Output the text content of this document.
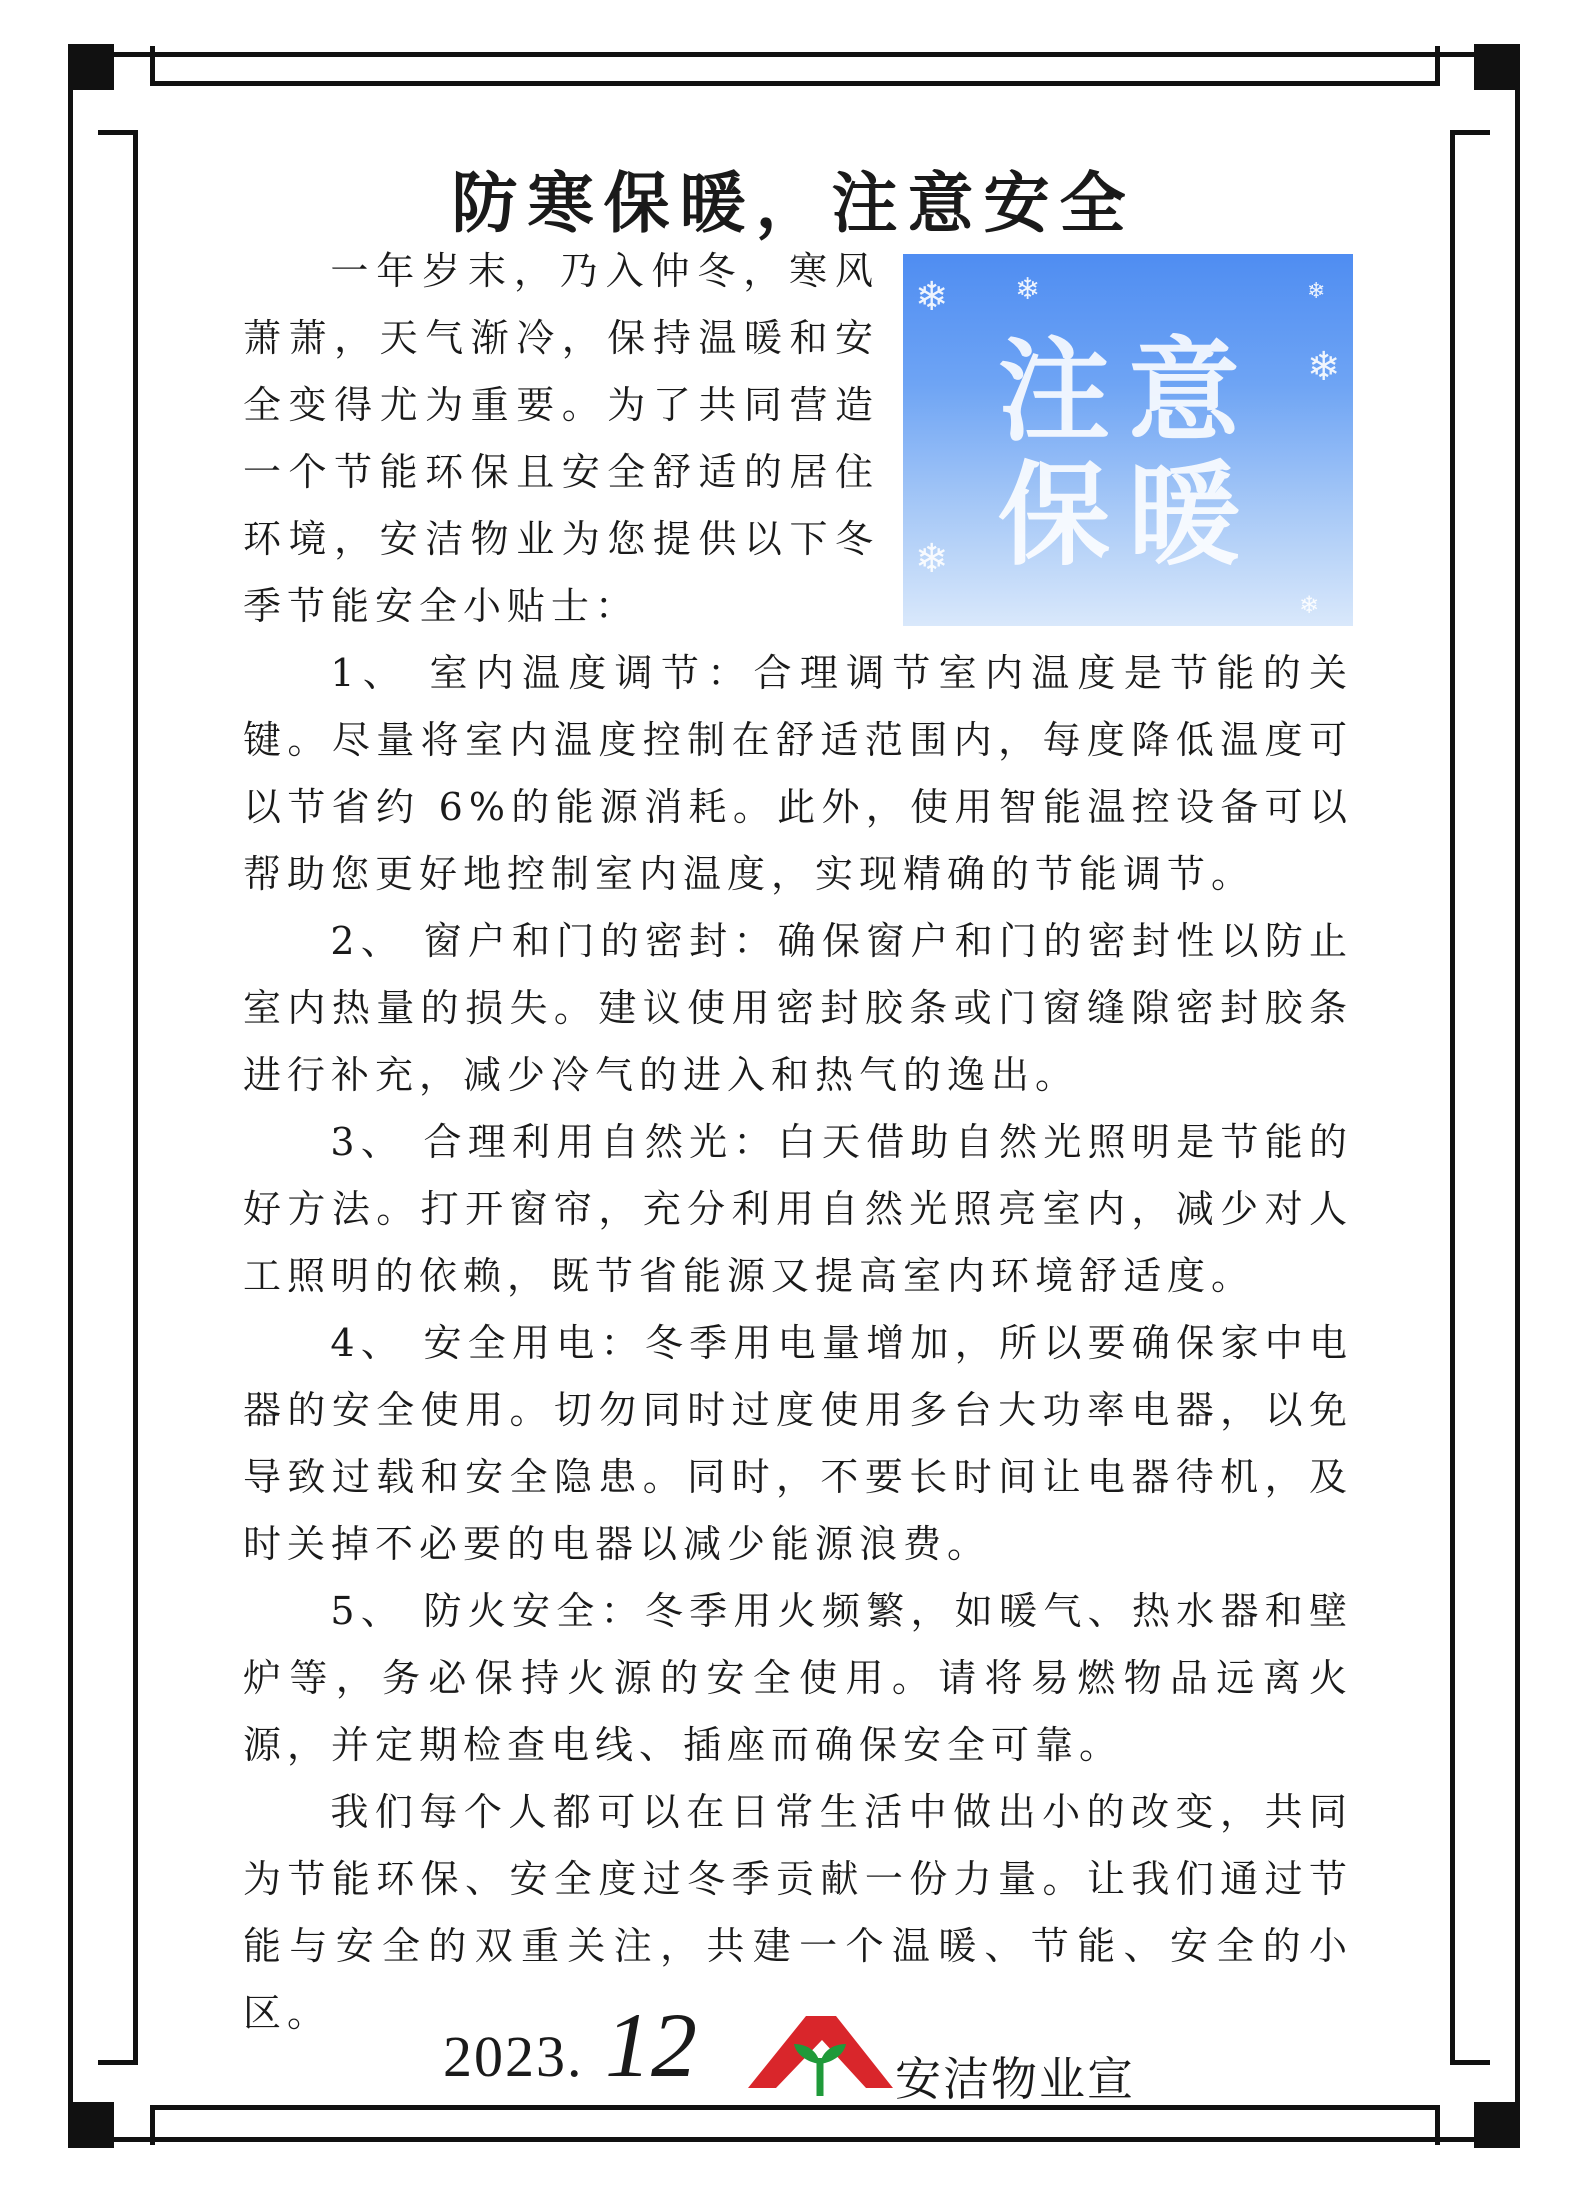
防寒保暖，注意安全
❄ ❄	❄
❄
❄
❄
注意
保暖

一年岁末，乃入仲冬，寒风萧萧，天气渐冷，保持温暖和安全变得尤为重要。为了共同营造一个节能环保且安全舒适的居住环境，安洁物业为您提供以下冬季节能安全小贴士：

1、 室内温度调节：合理调节室内温度是节能的关键。尽量将室内温度控制在舒适范围内，每度降低温度可以节省约 6%的能源消耗。此外，使用智能温控设备可以帮助您更好地控制室内温度，实现精确的节能调节。

2、 窗户和门的密封：确保窗户和门的密封性以防止室内热量的损失。建议使用密封胶条或门窗缝隙密封胶条进行补充，减少冷气的进入和热气的逸出。

3、 合理利用自然光：白天借助自然光照明是节能的好方法。打开窗帘，充分利用自然光照亮室内，减少对人工照明的依赖，既节省能源又提高室内环境舒适度。

4、 安全用电：冬季用电量增加，所以要确保家中电器的安全使用。切勿同时过度使用多台大功率电器，以免导致过载和安全隐患。同时，不要长时间让电器待机，及时关掉不必要的电器以减少能源浪费。

5、 防火安全：冬季用火频繁，如暖气、热水器和壁炉等，务必保持火源的安全使用。请将易燃物品远离火源，并定期检查电线、插座而确保安全可靠。

我们每个人都可以在日常生活中做出小的改变，共同为节能环保、安全度过冬季贡献一份力量。让我们通过节能与安全的双重关注，共建一个温暖、节能、安全的小区。

2023. 12	安洁物业宣
